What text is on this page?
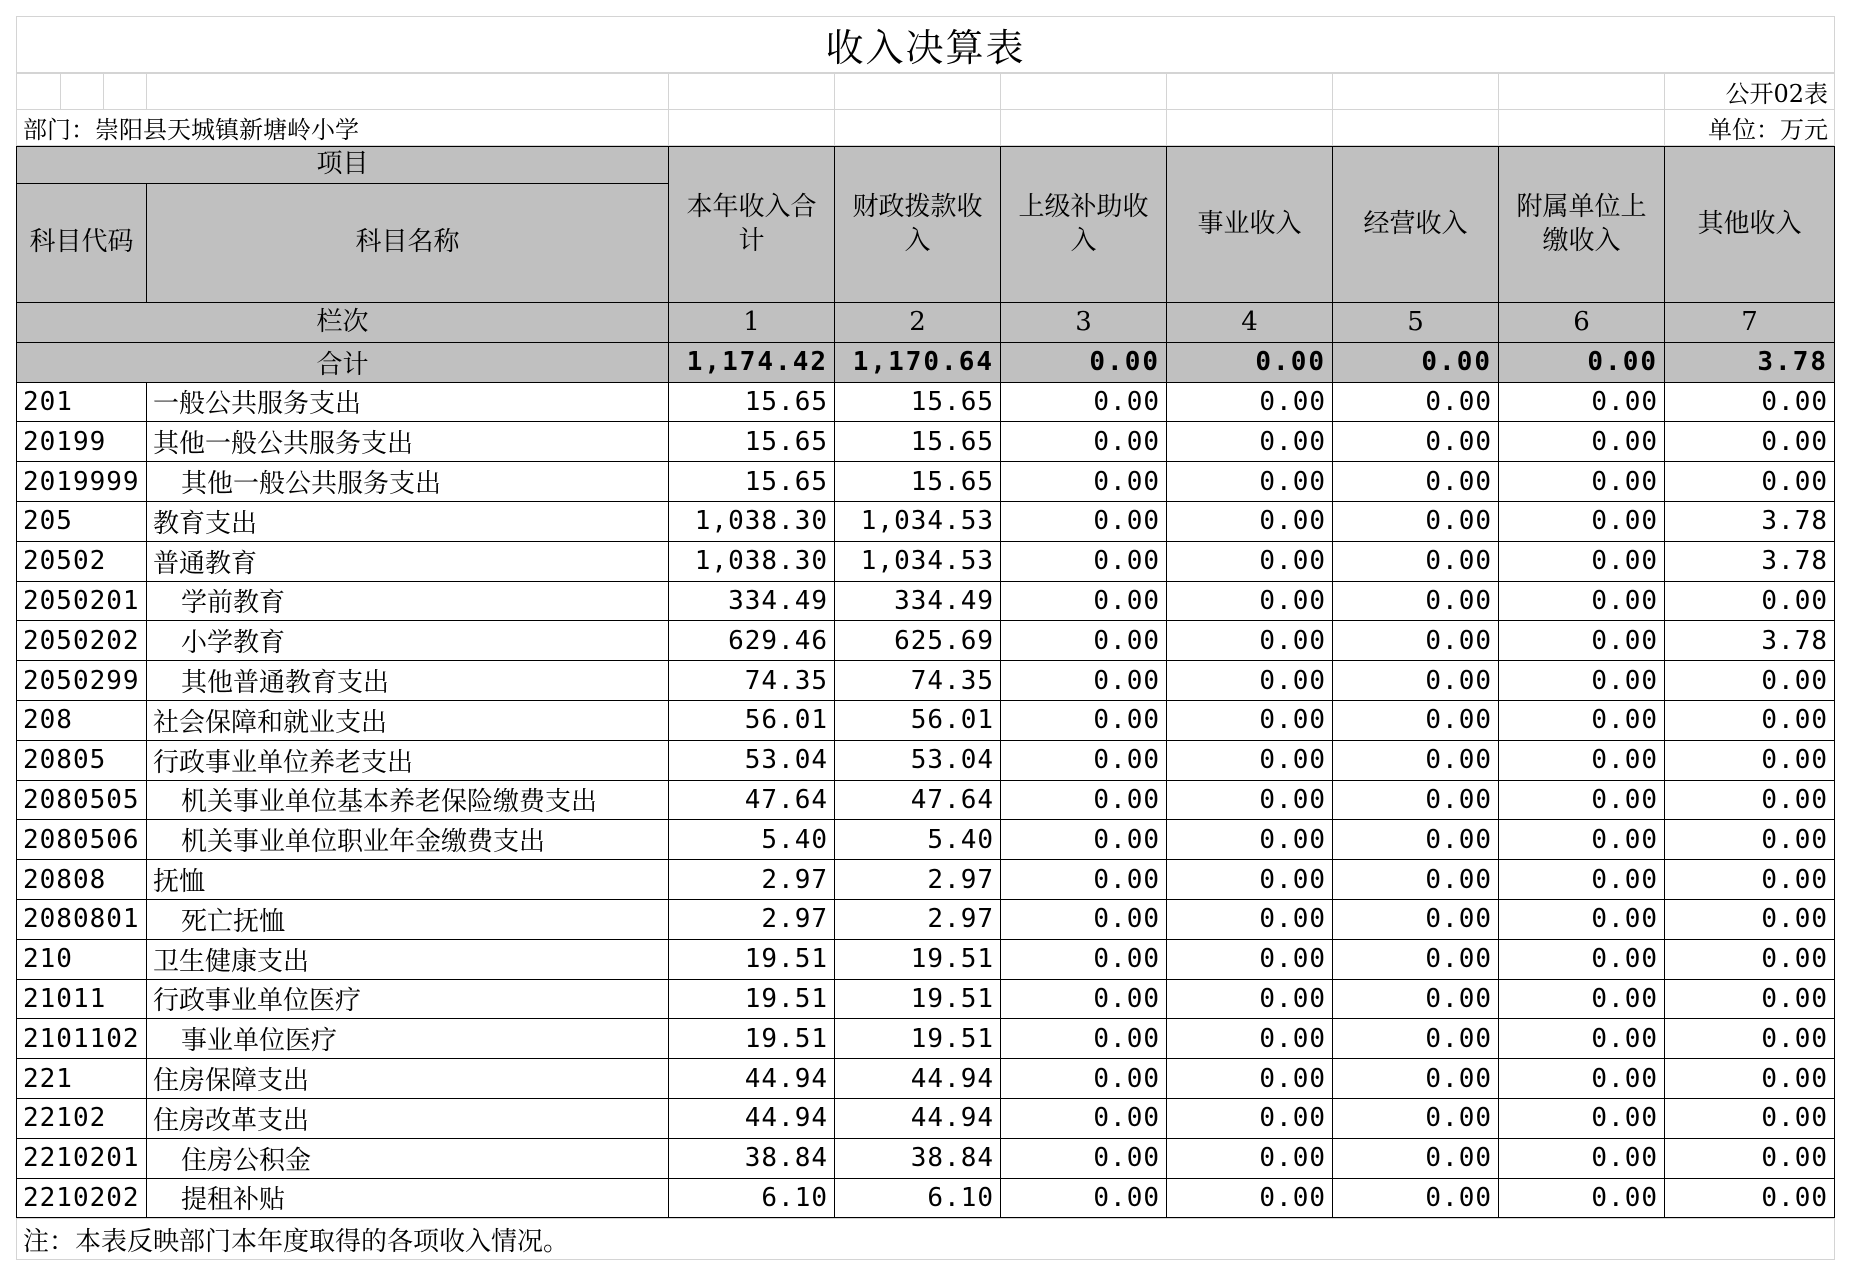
收入决算表
										公开02表
部门：崇阳县天城镇新塘岭小学										单位：万元
项目		本年收入合计	财政拨款收入	上级补助收入	事业收入	经营收入	附属单位上缴收入	其他收入
科目代码	科目名称							
栏次		1	2	3	4	5	6	7
合计		1,174.42	1,170.64	0.00	0.00	0.00	0.00	3.78
201	一般公共服务支出	15.65	15.65	0.00	0.00	0.00	0.00	0.00
20199	其他一般公共服务支出	15.65	15.65	0.00	0.00	0.00	0.00	0.00
2019999	其他一般公共服务支出	15.65	15.65	0.00	0.00	0.00	0.00	0.00
205	教育支出	1,038.30	1,034.53	0.00	0.00	0.00	0.00	3.78
20502	普通教育	1,038.30	1,034.53	0.00	0.00	0.00	0.00	3.78
2050201	学前教育	334.49	334.49	0.00	0.00	0.00	0.00	0.00
2050202	小学教育	629.46	625.69	0.00	0.00	0.00	0.00	3.78
2050299	其他普通教育支出	74.35	74.35	0.00	0.00	0.00	0.00	0.00
208	社会保障和就业支出	56.01	56.01	0.00	0.00	0.00	0.00	0.00
20805	行政事业单位养老支出	53.04	53.04	0.00	0.00	0.00	0.00	0.00
2080505	机关事业单位基本养老保险缴费支出	47.64	47.64	0.00	0.00	0.00	0.00	0.00
2080506	机关事业单位职业年金缴费支出	5.40	5.40	0.00	0.00	0.00	0.00	0.00
20808	抚恤	2.97	2.97	0.00	0.00	0.00	0.00	0.00
2080801	死亡抚恤	2.97	2.97	0.00	0.00	0.00	0.00	0.00
210	卫生健康支出	19.51	19.51	0.00	0.00	0.00	0.00	0.00
21011	行政事业单位医疗	19.51	19.51	0.00	0.00	0.00	0.00	0.00
2101102	事业单位医疗	19.51	19.51	0.00	0.00	0.00	0.00	0.00
221	住房保障支出	44.94	44.94	0.00	0.00	0.00	0.00	0.00
22102	住房改革支出	44.94	44.94	0.00	0.00	0.00	0.00	0.00
2210201	住房公积金	38.84	38.84	0.00	0.00	0.00	0.00	0.00
2210202	提租补贴	6.10	6.10	0.00	0.00	0.00	0.00	0.00
注：本表反映部门本年度取得的各项收入情况。
